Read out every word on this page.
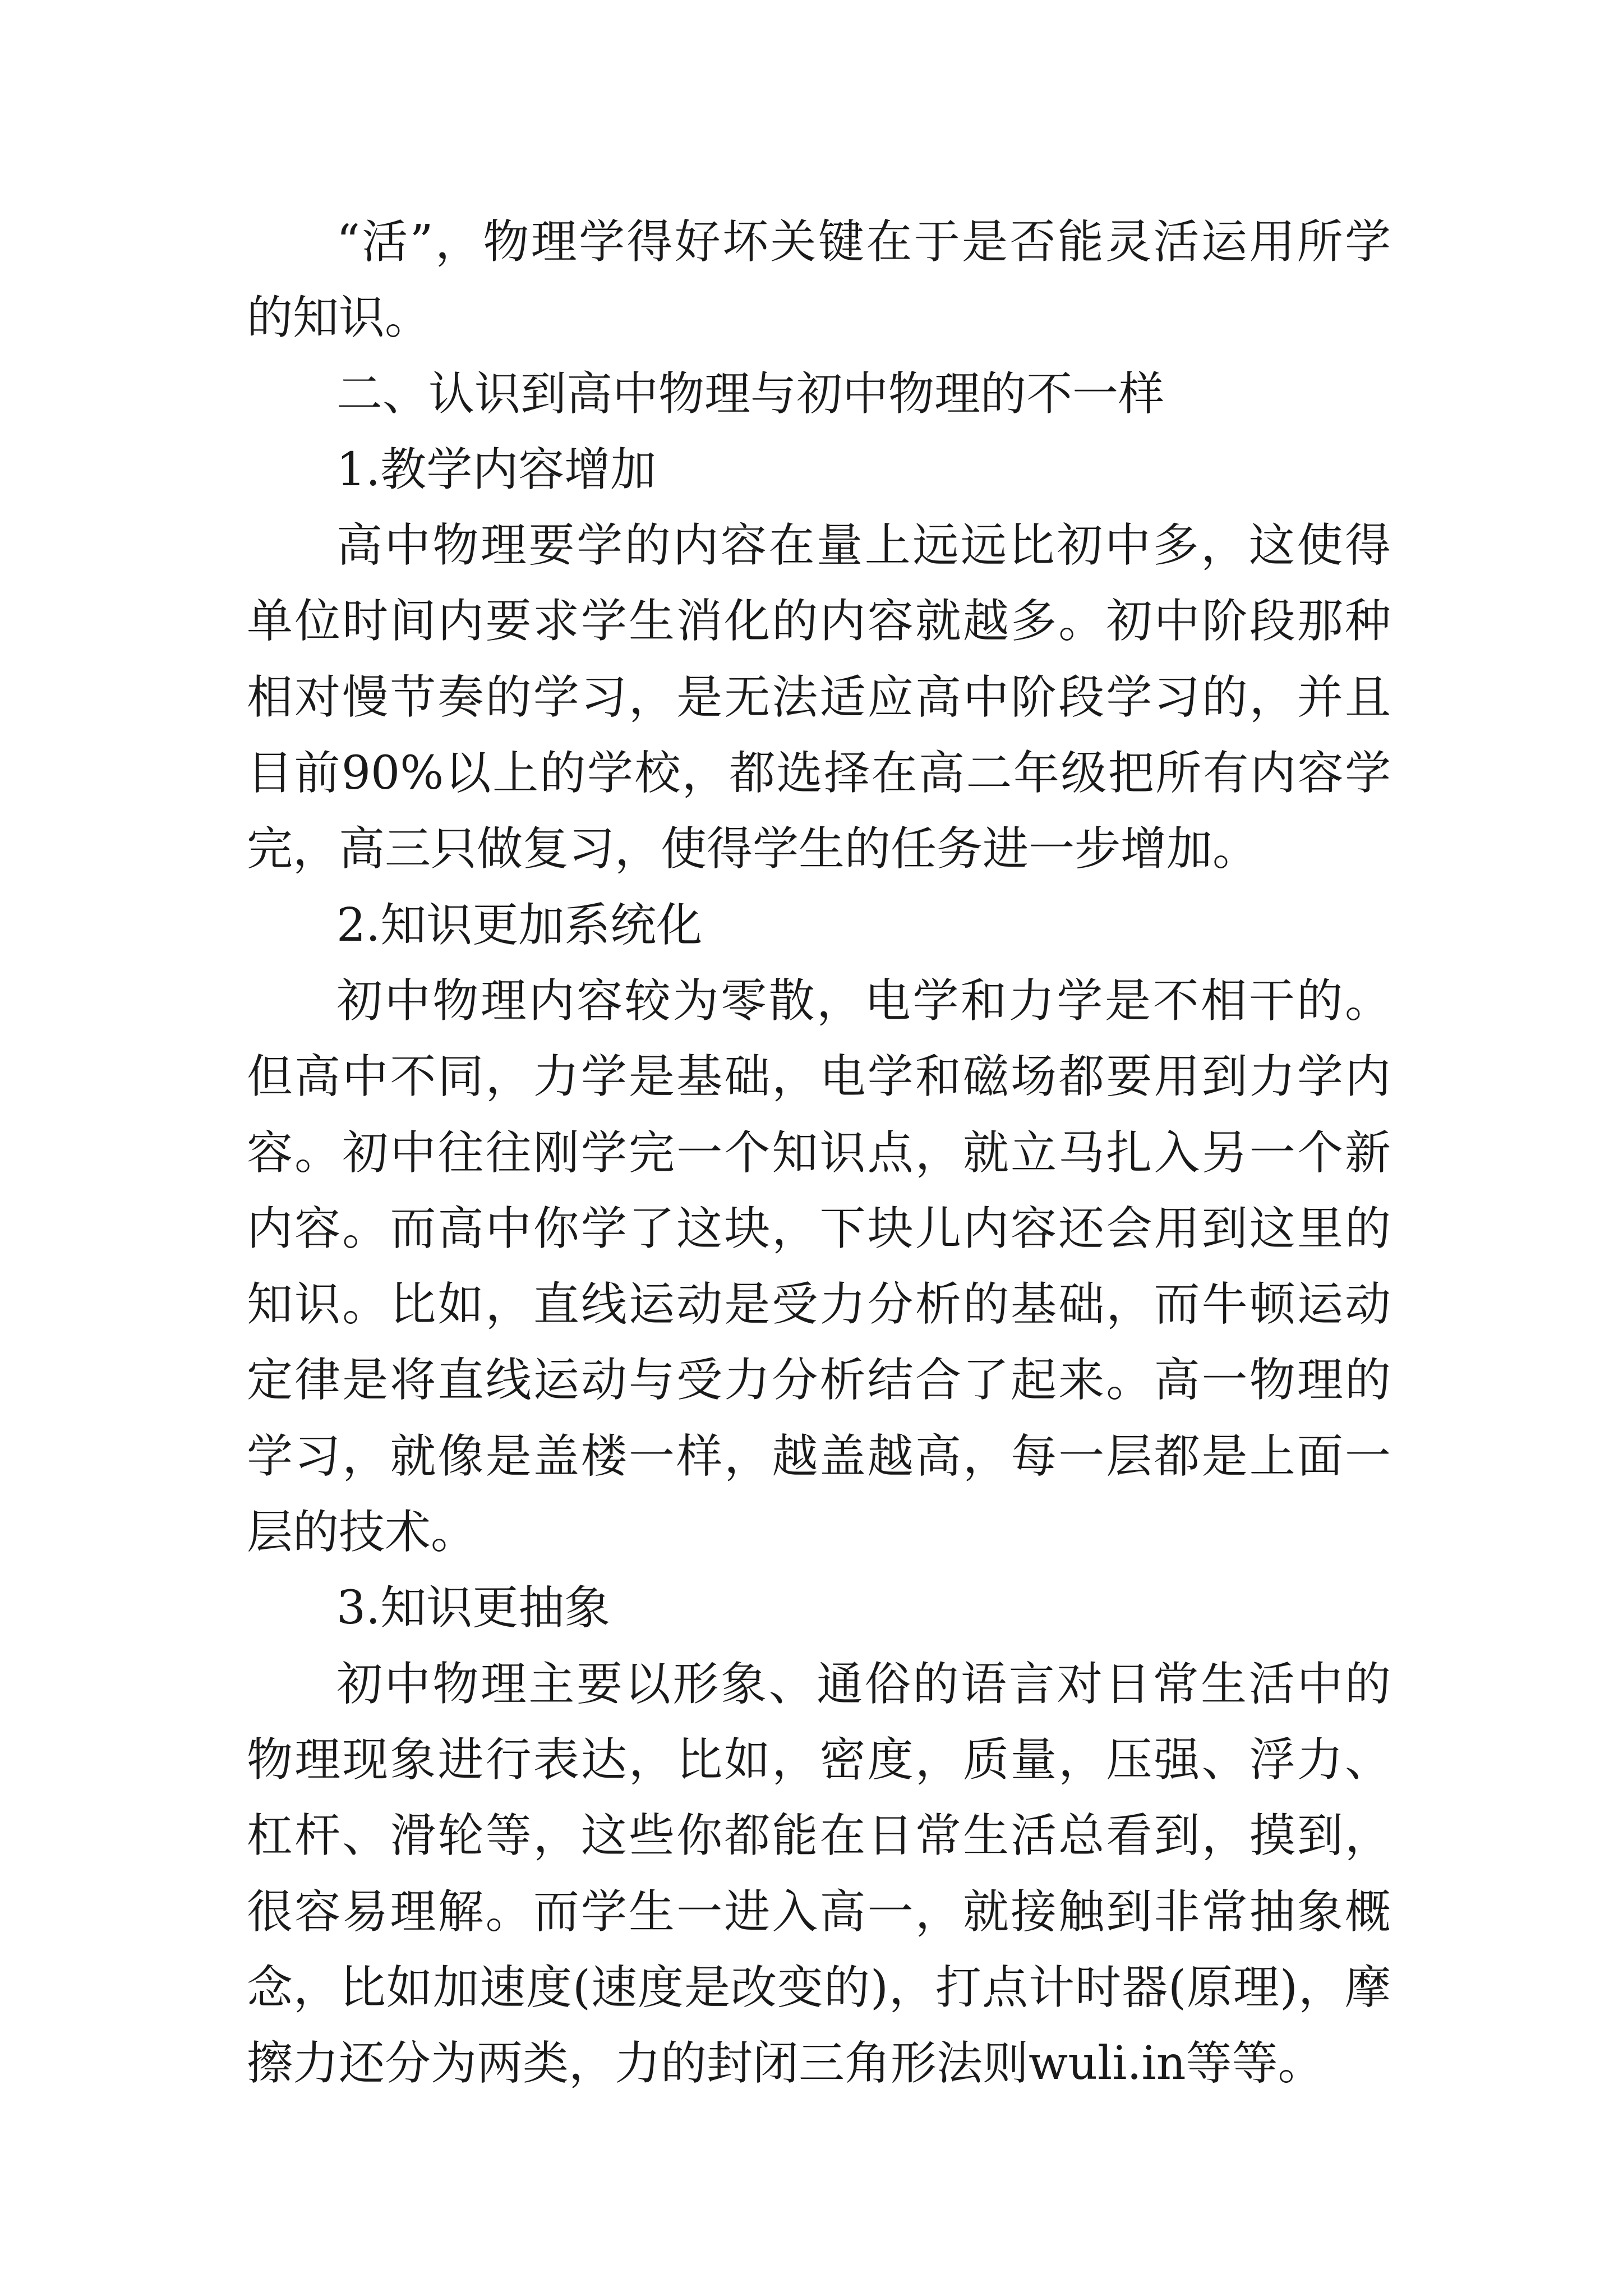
“活”，物理学得好坏关键在于是否能灵活运用所学的知识。

二、认识到高中物理与初中物理的不一样

1.教学内容增加

高中物理要学的内容在量上远远比初中多，这使得单位时间内要求学生消化的内容就越多。初中阶段那种相对慢节奏的学习，是无法适应高中阶段学习的，并且目前90%以上的学校，都选择在高二年级把所有内容学完，高三只做复习，使得学生的任务进一步增加。

2.知识更加系统化

初中物理内容较为零散，电学和力学是不相干的。但高中不同，力学是基础，电学和磁场都要用到力学内容。初中往往刚学完一个知识点，就立马扎入另一个新内容。而高中你学了这块，下块儿内容还会用到这里的知识。比如，直线运动是受力分析的基础，而牛顿运动定律是将直线运动与受力分析结合了起来。高一物理的学习，就像是盖楼一样，越盖越高，每一层都是上面一层的技术。

3.知识更抽象

初中物理主要以形象、通俗的语言对日常生活中的物理现象进行表达，比如，密度，质量，压强、浮力、杠杆、滑轮等，这些你都能在日常生活总看到，摸到，很容易理解。而学生一进入高一，就接触到非常抽象概念，比如加速度(速度是改变的)，打点计时器(原理)，摩擦力还分为两类，力的封闭三角形法则wuli.in等等。
